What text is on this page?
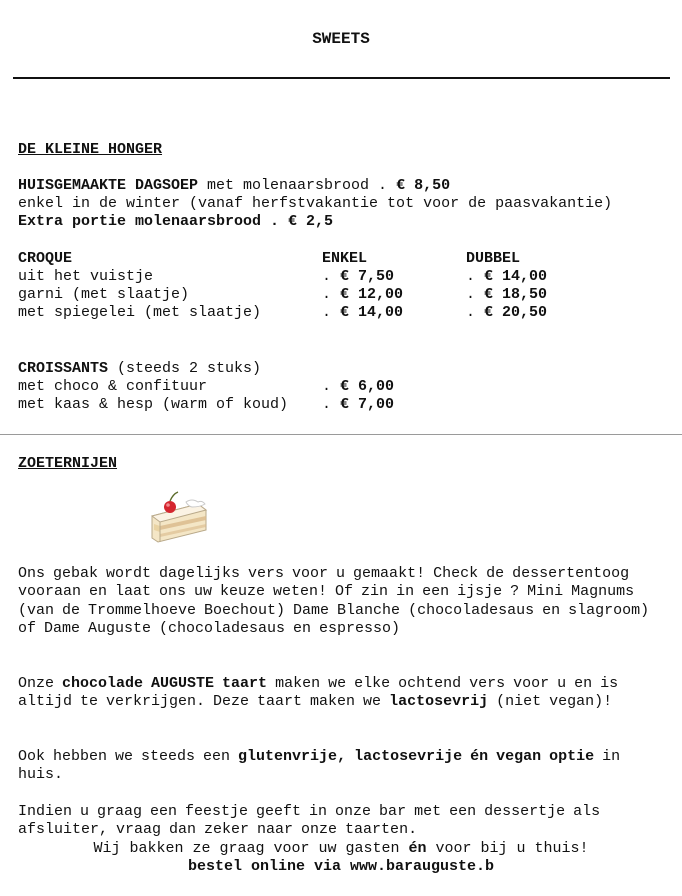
SWEETS
DE KLEINE HONGER
HUISGEMAAKTE DAGSOEP met molenaarsbrood . € 8,50
enkel in de winter (vanaf herfstvakantie tot voor de paasvakantie)
Extra portie molenaarsbrood . € 2,5
CROQUE	ENKEL	DUBBEL
uit het vuistje	. € 7,50	. € 14,00
garni (met slaatje)	. € 12,00	. € 18,50
met spiegelei (met slaatje)	. € 14,00	. € 20,50
CROISSANTS (steeds 2 stuks)
met choco & confituur	. € 6,00
met kaas & hesp (warm of koud) . € 7,00
ZOETERNIJEN
Ons gebak wordt dagelijks vers voor u gemaakt! Check de dessertentoog vooraan en laat ons uw keuze weten! Of zin in een ijsje ? Mini Magnums (van de Trommelhoeve Boechout) Dame Blanche (chocoladesaus en slagroom) of Dame Auguste (chocoladesaus en espresso)
Onze chocolade AUGUSTE taart maken we elke ochtend vers voor u en is altijd te verkrijgen. Deze taart maken we lactosevrij (niet vegan)!
Ook hebben we steeds een glutenvrije, lactosevrije én vegan optie in huis.
Indien u graag een feestje geeft in onze bar met een dessertje als afsluiter, vraag dan zeker naar onze taarten.
Wij bakken ze graag voor uw gasten én voor bij u thuis!
bestel online via www.barauguste.b
